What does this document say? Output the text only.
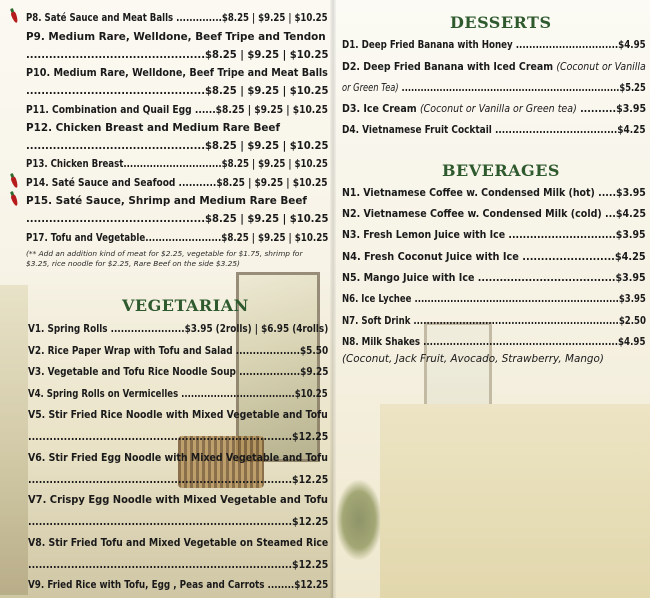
P8. Saté Sauce and Meat Balls ..............$8.25 | $9.25 | $10.25
P9. Medium Rare, Welldone, Beef Tripe and Tendon
...............................................$8.25 | $9.25 | $10.25
P10. Medium Rare, Welldone, Beef Tripe and Meat Balls
...............................................$8.25 | $9.25 | $10.25
P11. Combination and Quail Egg ......$8.25 | $9.25 | $10.25
P12. Chicken Breast and Medium Rare Beef
...............................................$8.25 | $9.25 | $10.25
P13. Chicken Breast..............................$8.25 | $9.25 | $10.25
P14. Saté Sauce and Seafood ...........$8.25 | $9.25 | $10.25
P15. Saté Sauce, Shrimp and Medium Rare Beef
...............................................$8.25 | $9.25 | $10.25
P17. Tofu and Vegetable.......................$8.25 | $9.25 | $10.25
(** Add an addition kind of meat for $2.25, vegetable for $1.75, shrimp for
$3.25, rice noodle for $2.25, Rare Beef on the side $3.25)
VEGETARIAN
V1. Spring Rolls ......................$3.95 (2rolls) | $6.95 (4rolls)
V2. Rice Paper Wrap with Tofu and Salad ...................$5.50
V3. Vegetable and Tofu Rice Noodle Soup ..................$9.25
V4. Spring Rolls on Vermicelles ...................................$10.25
V5. Stir Fried Rice Noodle with Mixed Vegetable and Tofu
..........................................................................$12.25
V6. Stir Fried Egg Noodle with Mixed Vegetable and Tofu
..........................................................................$12.25
V7. Crispy Egg Noodle with Mixed Vegetable and Tofu
..........................................................................$12.25
V8. Stir Fried Tofu and Mixed Vegetable on Steamed Rice
..........................................................................$12.25
V9. Fried Rice with Tofu, Egg , Peas and Carrots ........$12.25
DESSERTS
D1. Deep Fried Banana with Honey ...............................$4.95
D2. Deep Fried Banana with Iced Cream (Coconut or Vanilla
or Green Tea) .....................................................................$5.25
D3. Ice Cream (Coconut or Vanilla or Green tea) ..........$3.95
D4. Vietnamese Fruit Cocktail ....................................$4.25
BEVERAGES
N1. Vietnamese Coffee w. Condensed Milk (hot) .....$3.95
N2. Vietnamese Coffee w. Condensed Milk (cold) ...$4.25
N3. Fresh Lemon Juice with Ice ..............................$3.95
N4. Fresh Coconut Juice with Ice .........................$4.25
N5. Mango Juice with Ice ......................................$3.95
N6. Ice Lychee ...............................................................$3.95
N7. Soft Drink ...............................................................$2.50
N8. Milk Shakes ...........................................................$4.95
(Coconut, Jack Fruit, Avocado, Strawberry, Mango)
